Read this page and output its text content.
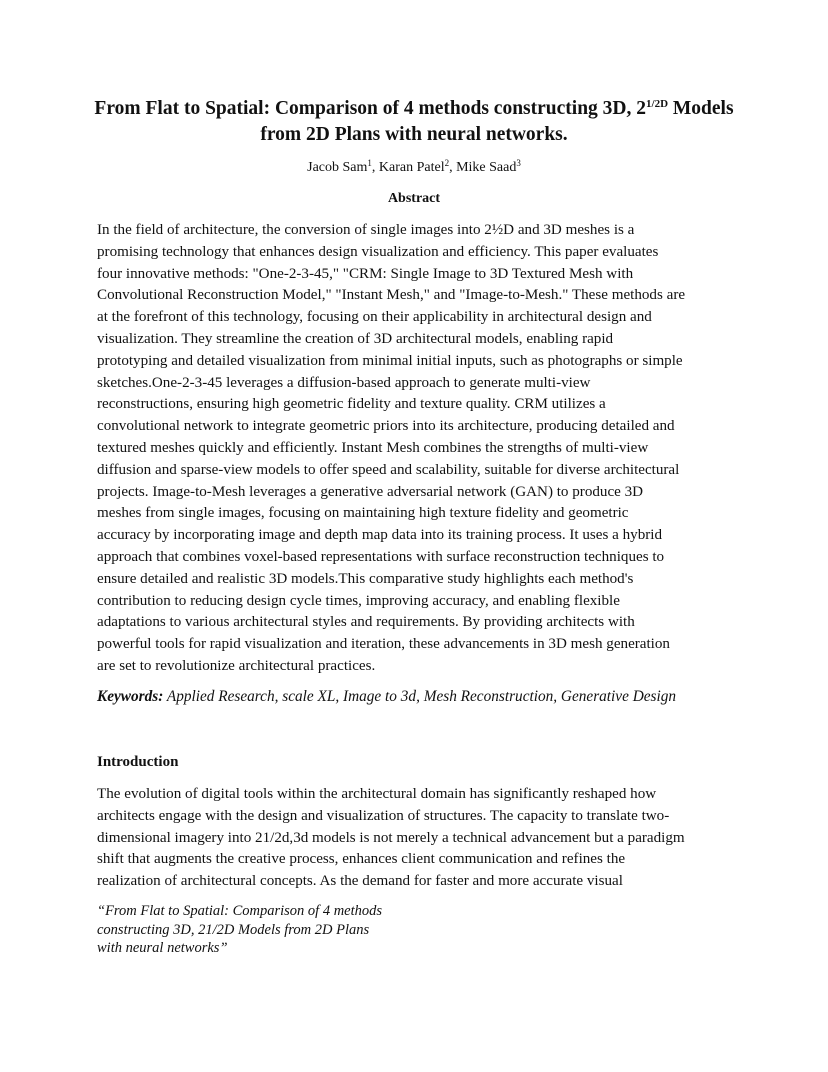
From Flat to Spatial: Comparison of 4 methods constructing 3D, $2^{1/2D}$ Models
from 2D Plans with neural networks.
Jacob Sam$^1$, Karan Patel$^2$, Mike Saad$^3$
Abstract
In the field of architecture, the conversion of single images into 2½D and 3D meshes is a
promising technology that enhances design visualization and efficiency. This paper evaluates
four innovative methods: "One-2-3-45," "CRM: Single Image to 3D Textured Mesh with
Convolutional Reconstruction Model," "Instant Mesh," and "Image-to-Mesh." These methods are
at the forefront of this technology, focusing on their applicability in architectural design and
visualization. They streamline the creation of 3D architectural models, enabling rapid
prototyping and detailed visualization from minimal initial inputs, such as photographs or simple
sketches.One-2-3-45 leverages a diffusion-based approach to generate multi-view
reconstructions, ensuring high geometric fidelity and texture quality. CRM utilizes a
convolutional network to integrate geometric priors into its architecture, producing detailed and
textured meshes quickly and efficiently. Instant Mesh combines the strengths of multi-view
diffusion and sparse-view models to offer speed and scalability, suitable for diverse architectural
projects. Image-to-Mesh leverages a generative adversarial network (GAN) to produce 3D
meshes from single images, focusing on maintaining high texture fidelity and geometric
accuracy by incorporating image and depth map data into its training process. It uses a hybrid
approach that combines voxel-based representations with surface reconstruction techniques to
ensure detailed and realistic 3D models.This comparative study highlights each method's
contribution to reducing design cycle times, improving accuracy, and enabling flexible
adaptations to various architectural styles and requirements. By providing architects with
powerful tools for rapid visualization and iteration, these advancements in 3D mesh generation
are set to revolutionize architectural practices.
Keywords: Applied Research, scale XL, Image to 3d, Mesh Reconstruction, Generative Design
Introduction
The evolution of digital tools within the architectural domain has significantly reshaped how
architects engage with the design and visualization of structures. The capacity to translate two-
dimensional imagery into 21/2d,3d models is not merely a technical advancement but a paradigm
shift that augments the creative process, enhances client communication and refines the
realization of architectural concepts. As the demand for faster and more accurate visual
“From Flat to Spatial: Comparison of 4 methods
constructing 3D, 21/2D Models from 2D Plans
with neural networks”
